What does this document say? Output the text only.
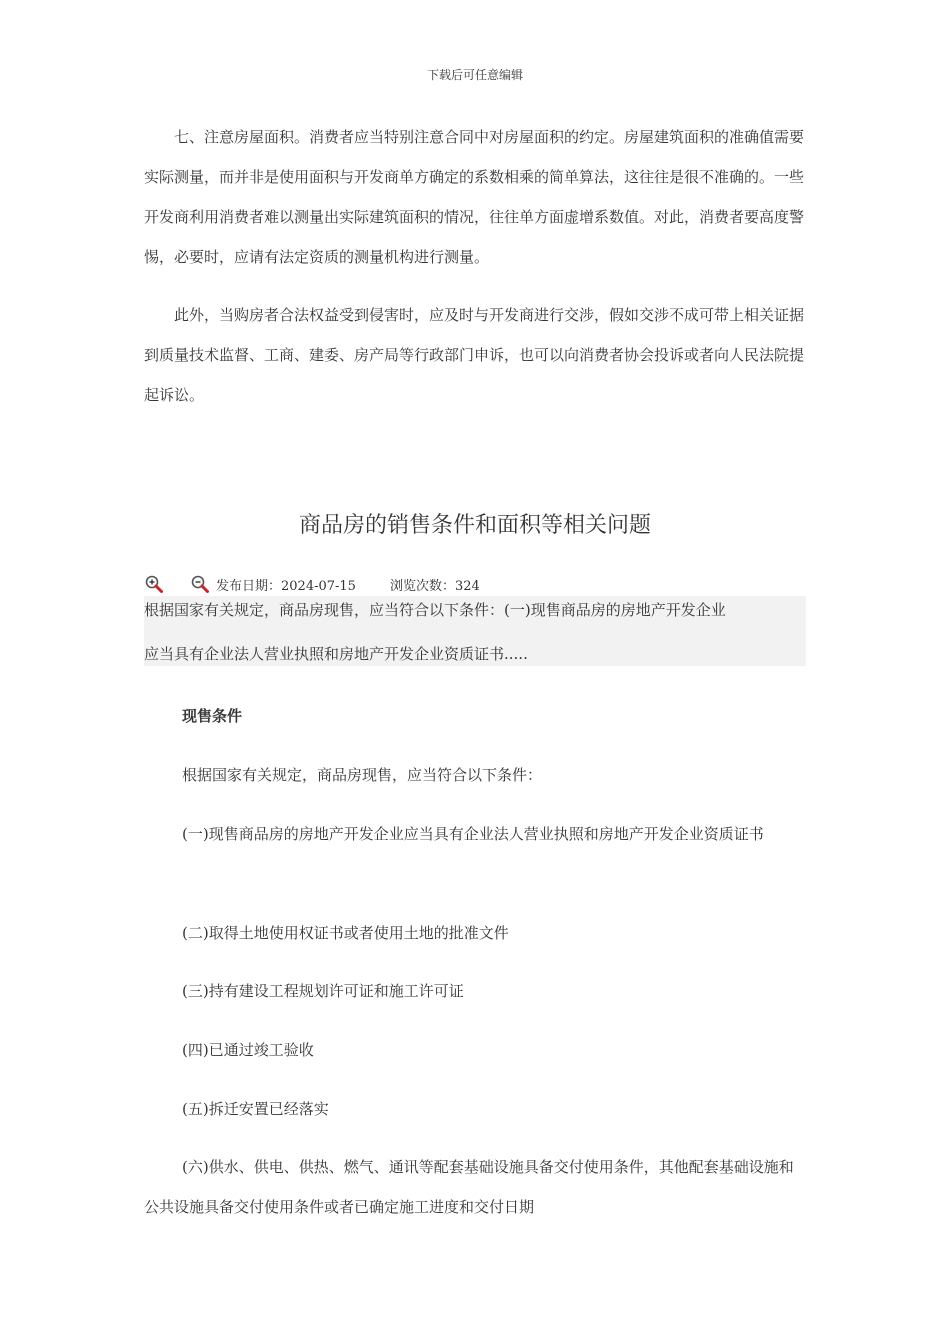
下载后可任意编辑

七、注意房屋面积。消费者应当特别注意合同中对房屋面积的约定。房屋建筑面积的准确值需要实际测量，而并非是使用面积与开发商单方确定的系数相乘的简单算法，这往往是很不准确的。一些开发商利用消费者难以测量出实际建筑面积的情况，往往单方面虚增系数值。对此，消费者要高度警惕，必要时，应请有法定资质的测量机构进行测量。

此外，当购房者合法权益受到侵害时，应及时与开发商进行交涉，假如交涉不成可带上相关证据到质量技术监督、工商、建委、房产局等行政部门申诉，也可以向消费者协会投诉或者向人民法院提起诉讼。

商品房的销售条件和面积等相关问题
发布日期：2024-07-15	浏览次数：324
根据国家有关规定，商品房现售，应当符合以下条件：(一)现售商品房的房地产开发企业
应当具有企业法人营业执照和房地产开发企业资质证书.....
现售条件

根据国家有关规定，商品房现售，应当符合以下条件：

(一)现售商品房的房地产开发企业应当具有企业法人营业执照和房地产开发企业资质证书

(二)取得土地使用权证书或者使用土地的批准文件

(三)持有建设工程规划许可证和施工许可证

(四)已通过竣工验收

(五)拆迁安置已经落实

(六)供水、供电、供热、燃气、通讯等配套基础设施具备交付使用条件，其他配套基础设施和公共设施具备交付使用条件或者已确定施工进度和交付日期
